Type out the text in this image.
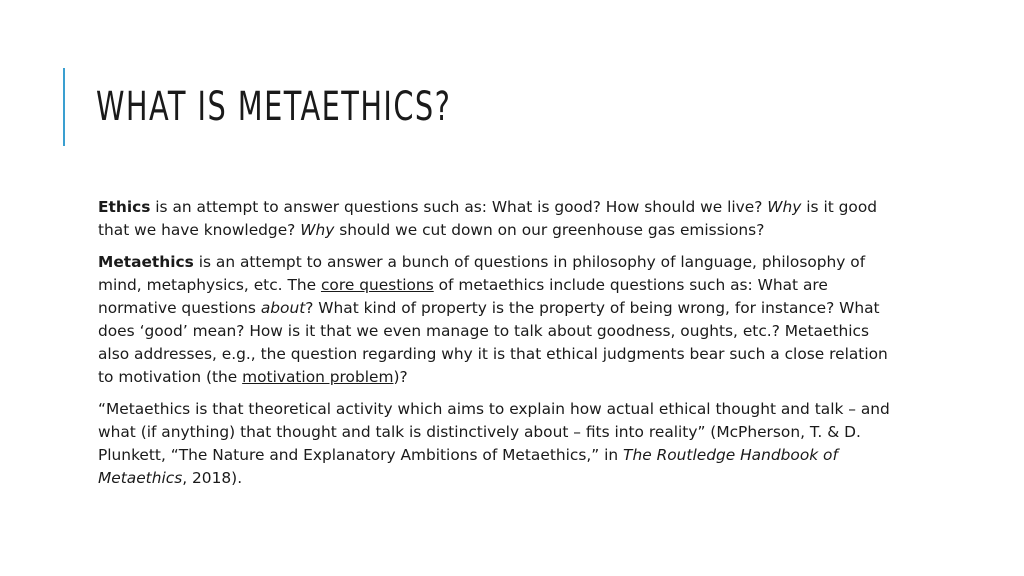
WHAT IS METAETHICS?

Ethics is an attempt to answer questions such as: What is good? How should we live? Why is it good that we have knowledge? Why should we cut down on our greenhouse gas emissions?

Metaethics is an attempt to answer a bunch of questions in philosophy of language, philosophy of mind, metaphysics, etc. The core questions of metaethics include questions such as: What are normative questions about? What kind of property is the property of being wrong, for instance? What does ‘good’ mean? How is it that we even manage to talk about goodness, oughts, etc.? Metaethics also addresses, e.g., the question regarding why it is that ethical judgments bear such a close relation to motivation (the motivation problem)?

“Metaethics is that theoretical activity which aims to explain how actual ethical thought and talk – and what (if anything) that thought and talk is distinctively about – fits into reality” (McPherson, T. & D. Plunkett, “The Nature and Explanatory Ambitions of Metaethics,” in The Routledge Handbook of Metaethics, 2018).
